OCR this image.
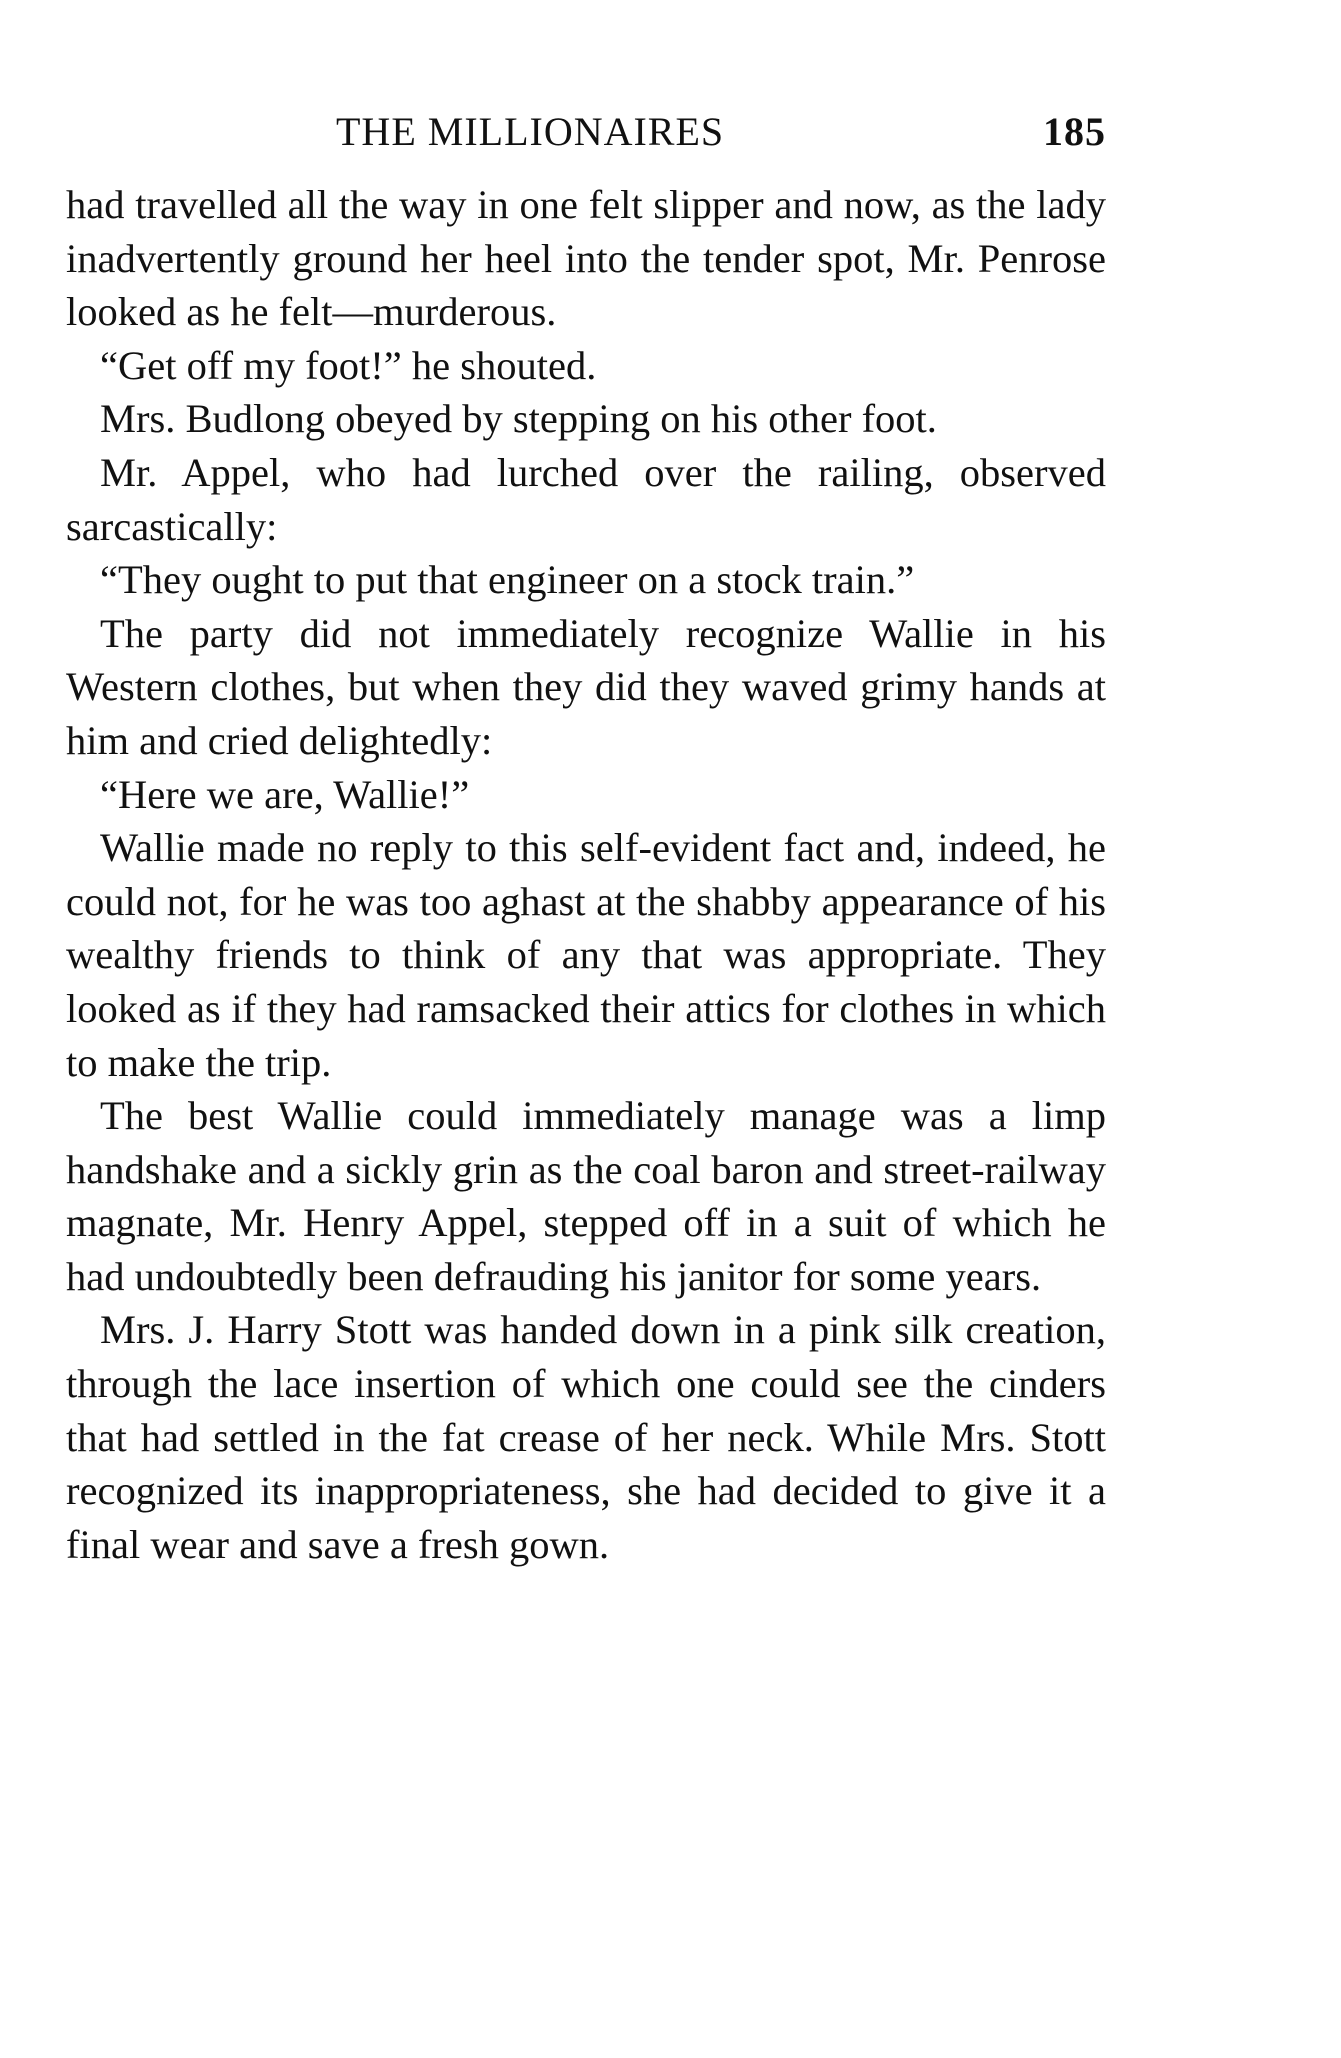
THE MILLIONAIRES	185

had travelled all the way in one felt slipper and now, as the lady inadvertently ground her heel into the tender spot, Mr. Penrose looked as he felt—murderous.

“Get off my foot!” he shouted.

Mrs. Budlong obeyed by stepping on his other foot.

Mr. Appel, who had lurched over the railing, observed sarcastically:

“They ought to put that engineer on a stock train.”

The party did not immediately recognize Wallie in his Western clothes, but when they did they waved grimy hands at him and cried delightedly:

“Here we are, Wallie!”

Wallie made no reply to this self-evident fact and, indeed, he could not, for he was too aghast at the shabby appearance of his wealthy friends to think of any that was appropriate. They looked as if they had ramsacked their attics for clothes in which to make the trip.

The best Wallie could immediately manage was a limp handshake and a sickly grin as the coal baron and street-railway magnate, Mr. Henry Appel, stepped off in a suit of which he had undoubtedly been defrauding his janitor for some years.

Mrs. J. Harry Stott was handed down in a pink silk creation, through the lace insertion of which one could see the cinders that had settled in the fat crease of her neck. While Mrs. Stott recognized its inappropriateness, she had decided to give it a final wear and save a fresh gown.
